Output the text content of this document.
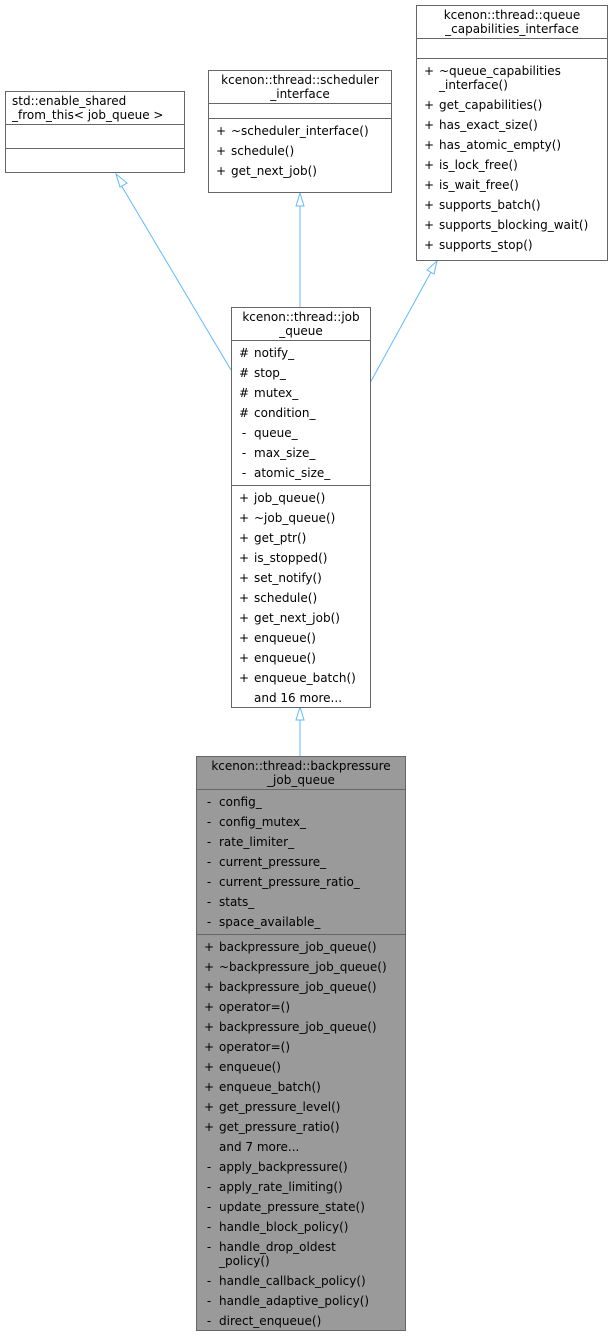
std::enable_shared
_from_this< job_queue >
kcenon::thread::scheduler
_interface
+ ~scheduler_interface()
+ schedule()
+ get_next_job()
kcenon::thread::queue
_capabilities_interface
+ ~queue_capabilities
_interface()
+ get_capabilities()
+ has_exact_size()
+ has_atomic_empty()
+ is_lock_free()
+ is_wait_free()
+ supports_batch()
+ supports_blocking_wait()
+ supports_stop()
kcenon::thread::job
_queue
# notify_
# stop_
# mutex_
# condition_
- queue_
- max_size_
- atomic_size_
+ job_queue()
+ ~job_queue()
+ get_ptr()
+ is_stopped()
+ set_notify()
+ schedule()
+ get_next_job()
+ enqueue()
+ enqueue()
+ enqueue_batch()
and 16 more...
kcenon::thread::backpressure
_job_queue
- config_
- config_mutex_
- rate_limiter_
- current_pressure_
- current_pressure_ratio_
- stats_
- space_available_
+ backpressure_job_queue()
+ ~backpressure_job_queue()
+ backpressure_job_queue()
+ operator=()
+ backpressure_job_queue()
+ operator=()
+ enqueue()
+ enqueue_batch()
+ get_pressure_level()
+ get_pressure_ratio()
and 7 more...
- apply_backpressure()
- apply_rate_limiting()
- update_pressure_state()
- handle_block_policy()
- handle_drop_oldest
_policy()
- handle_callback_policy()
- handle_adaptive_policy()
- direct_enqueue()
